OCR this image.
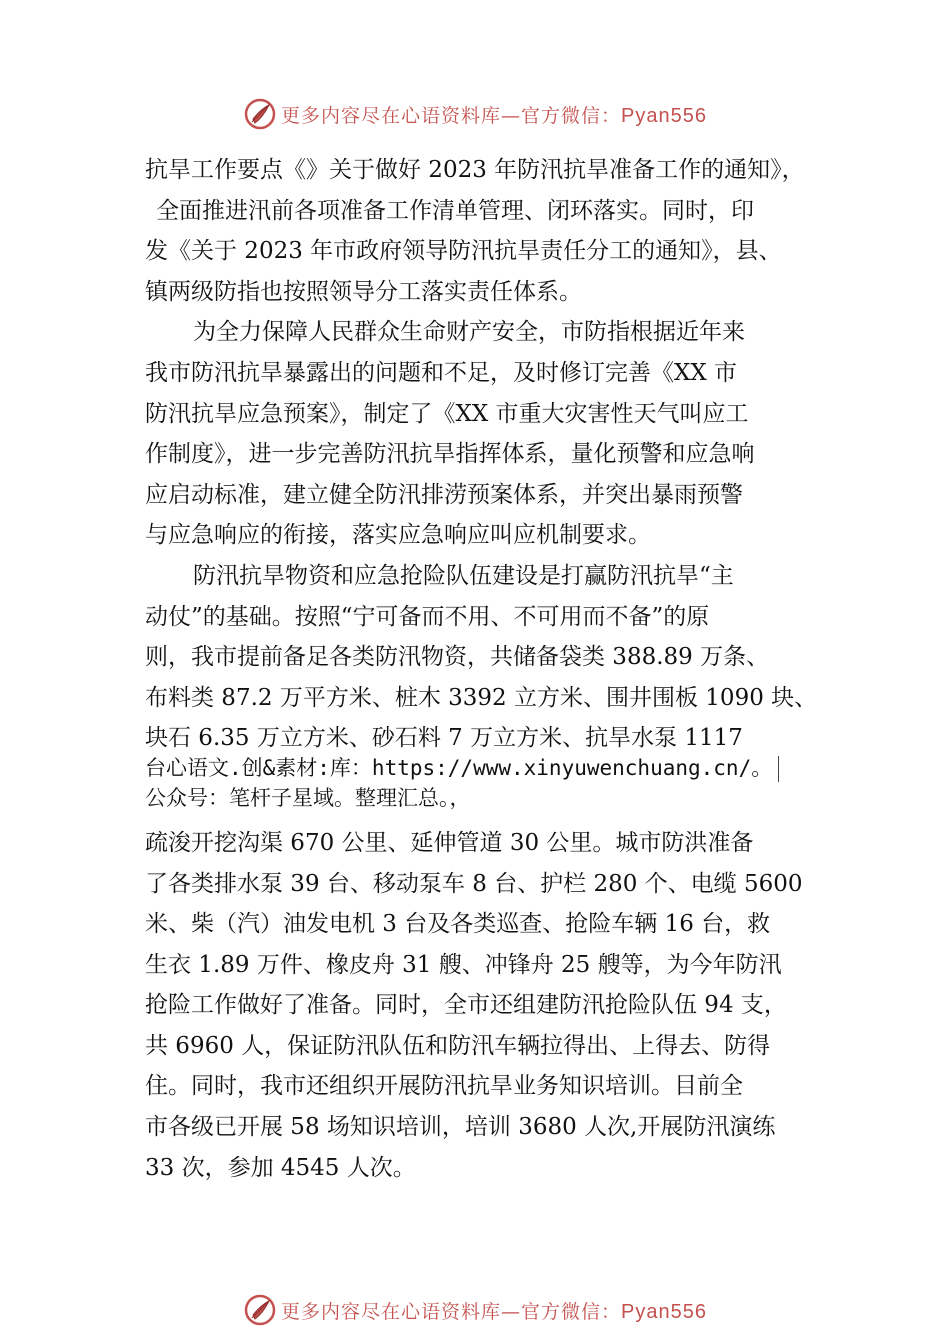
更多内容尽在心语资料库—官方微信：Pyan556
抗旱工作要点《》关于做好 2023 年防汛抗旱准备工作的通知》，
全面推进汛前各项准备工作清单管理、闭环落实。同时，印
发《关于 2023 年市政府领导防汛抗旱责任分工的通知》，县、
镇两级防指也按照领导分工落实责任体系。
为全力保障人民群众生命财产安全，市防指根据近年来
我市防汛抗旱暴露出的问题和不足，及时修订完善《XX 市
防汛抗旱应急预案》，制定了《XX 市重大灾害性天气叫应工
作制度》，进一步完善防汛抗旱指挥体系，量化预警和应急响
应启动标准，建立健全防汛排涝预案体系，并突出暴雨预警
与应急响应的衔接，落实应急响应叫应机制要求。
防汛抗旱物资和应急抢险队伍建设是打赢防汛抗旱“主
动仗”的基础。按照“宁可备而不用、不可用而不备”的原
则，我市提前备足各类防汛物资，共储备袋类 388.89 万条、
布料类 87.2 万平方米、桩木 3392 立方米、围井围板 1090 块、
块石 6.35 万立方米、砂石料 7 万立方米、抗旱水泵 1117
台心语文.创&素材:库：https://www.xinyuwenchuang.cn/。
公众号：笔杆子星域。整理汇总。，
疏浚开挖沟渠 670 公里、延伸管道 30 公里。城市防洪准备
了各类排水泵 39 台、移动泵车 8 台、护栏 280 个、电缆 5600
米、柴（汽）油发电机 3 台及各类巡查、抢险车辆 16 台，救
生衣 1.89 万件、橡皮舟 31 艘、冲锋舟 25 艘等，为今年防汛
抢险工作做好了准备。同时，全市还组建防汛抢险队伍 94 支，
共 6960 人，保证防汛队伍和防汛车辆拉得出、上得去、防得
住。同时，我市还组织开展防汛抗旱业务知识培训。目前全
市各级已开展 58 场知识培训，培训 3680 人次,开展防汛演练
33 次，参加 4545 人次。
更多内容尽在心语资料库—官方微信：Pyan556
